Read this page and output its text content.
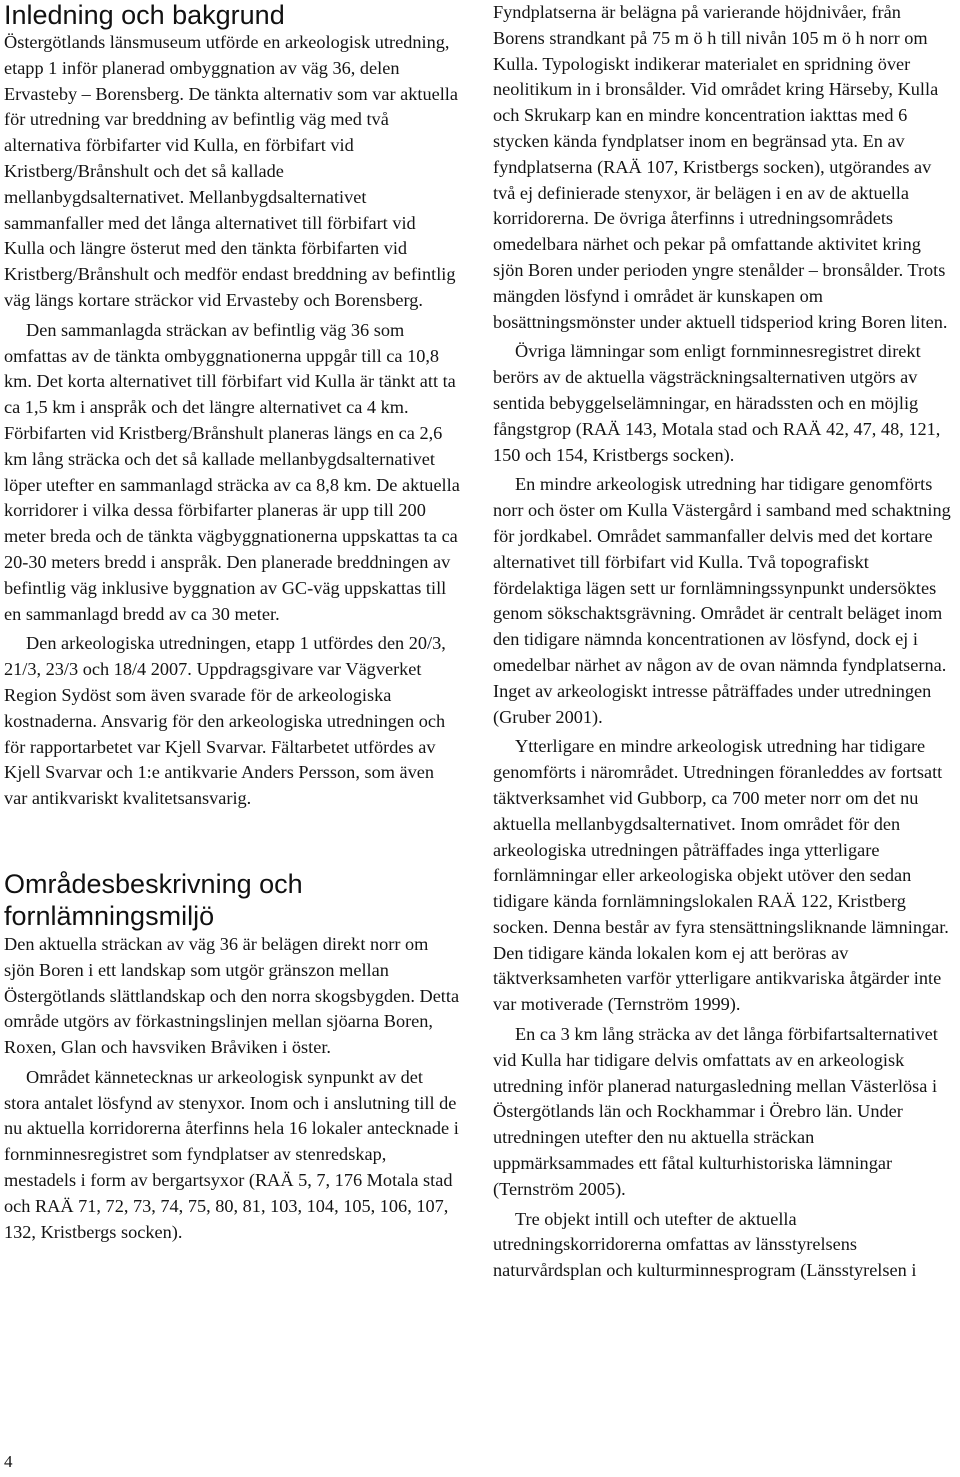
Inledning och bakgrund

Östergötlands länsmuseum utförde en arkeologisk utredning, etapp 1 inför planerad ombyggnation av väg 36, delen Ervasteby – Borensberg. De tänkta alternativ som var aktuella för utredning var breddning av befintlig väg med två alternativa förbifarter vid Kulla, en förbifart vid Kristberg/Brånshult och det så kallade mellanbygdsalternativet. Mellanbygdsalternativet sammanfaller med det långa alternativet till förbifart vid Kulla och längre österut med den tänkta förbifarten vid Kristberg/Brånshult och medför endast breddning av befintlig väg längs kortare sträckor vid Ervasteby och Borensberg.

Den sammanlagda sträckan av befintlig väg 36 som omfattas av de tänkta ombyggnationerna uppgår till ca 10,8 km. Det korta alternativet till förbifart vid Kulla är tänkt att ta ca 1,5 km i anspråk och det längre alternativet ca 4 km. Förbifarten vid Kristberg/Brånshult planeras längs en ca 2,6 km lång sträcka och det så kallade mellanbygdsalternativet löper utefter en sammanlagd sträcka av ca 8,8 km. De aktuella korridorer i vilka dessa förbifarter planeras är upp till 200 meter breda och de tänkta vägbyggnationerna uppskattas ta ca 20-30 meters bredd i anspråk. Den planerade breddningen av befintlig väg inklusive byggnation av GC-väg uppskattas till en sammanlagd bredd av ca 30 meter.

Den arkeologiska utredningen, etapp 1 utfördes den 20/3, 21/3, 23/3 och 18/4 2007. Uppdragsgivare var Vägverket Region Sydöst som även svarade för de arkeologiska kostnaderna. Ansvarig för den arkeologiska utredningen och för rapportarbetet var Kjell Svarvar. Fältarbetet utfördes av Kjell Svarvar och 1:e antikvarie Anders Persson, som även var antikvariskt kvalitetsansvarig.

Områdesbeskrivning och fornlämningsmiljö

Den aktuella sträckan av väg 36 är belägen direkt norr om sjön Boren i ett landskap som utgör gränszon mellan Östergötlands slättlandskap och den norra skogsbygden. Detta område utgörs av förkastningslinjen mellan sjöarna Boren, Roxen, Glan och havsviken Bråviken i öster.

Området kännetecknas ur arkeologisk synpunkt av det stora antalet lösfynd av stenyxor. Inom och i anslutning till de nu aktuella korridorerna återfinns hela 16 lokaler antecknade i fornminnesregistret som fyndplatser av stenredskap, mestadels i form av bergartsyxor (RAÄ 5, 7, 176 Motala stad och RAÄ 71, 72, 73, 74, 75, 80, 81, 103, 104, 105, 106, 107, 132, Kristbergs socken).

Fyndplatserna är belägna på varierande höjdnivåer, från Borens strandkant på 75 m ö h till nivån 105 m ö h norr om Kulla. Typologiskt indikerar materialet en spridning över neolitikum in i bronsålder. Vid området kring Härseby, Kulla och Skrukarp kan en mindre koncentration iakttas med 6 stycken kända fyndplatser inom en begränsad yta. En av fyndplatserna (RAÄ 107, Kristbergs socken), utgörandes av två ej definierade stenyxor, är belägen i en av de aktuella korridorerna. De övriga återfinns i utredningsområdets omedelbara närhet och pekar på omfattande aktivitet kring sjön Boren under perioden yngre stenålder – bronsålder. Trots mängden lösfynd i området är kunskapen om bosättningsmönster under aktuell tidsperiod kring Boren liten.

Övriga lämningar som enligt fornminnesregistret direkt berörs av de aktuella vägsträckningsalternativen utgörs av sentida bebyggelselämningar, en häradssten och en möjlig fångstgrop (RAÄ 143, Motala stad och RAÄ 42, 47, 48, 121, 150 och 154, Kristbergs socken).

En mindre arkeologisk utredning har tidigare genomförts norr och öster om Kulla Västergård i samband med schaktning för jordkabel. Området sammanfaller delvis med det kortare alternativet till förbifart vid Kulla. Två topografiskt fördelaktiga lägen sett ur fornlämningssynpunkt undersöktes genom sökschaktsgrävning. Området är centralt beläget inom den tidigare nämnda koncentrationen av lösfynd, dock ej i omedelbar närhet av någon av de ovan nämnda fyndplatserna. Inget av arkeologiskt intresse påträffades under utredningen (Gruber 2001).

Ytterligare en mindre arkeologisk utredning har tidigare genomförts i närområdet. Utredningen föranleddes av fortsatt täktverksamhet vid Gubborp, ca 700 meter norr om det nu aktuella mellanbygdsalternativet. Inom området för den arkeologiska utredningen påträffades inga ytterligare fornlämningar eller arkeologiska objekt utöver den sedan tidigare kända fornlämningslokalen RAÄ 122, Kristberg socken. Denna består av fyra stensättningsliknande lämningar. Den tidigare kända lokalen kom ej att beröras av täktverksamheten varför ytterligare antikvariska åtgärder inte var motiverade (Ternström 1999).

En ca 3 km lång sträcka av det långa förbifartsalternativet vid Kulla har tidigare delvis omfattats av en arkeologisk utredning inför planerad naturgasledning mellan Västerlösa i Östergötlands län och Rockhammar i Örebro län. Under utredningen utefter den nu aktuella sträckan uppmärksammades ett fåtal kulturhistoriska lämningar (Ternström 2005).

Tre objekt intill och utefter de aktuella utredningskorridorerna omfattas av länsstyrelsens naturvårdsplan och kulturminnesprogram (Länsstyrelsen i

4
